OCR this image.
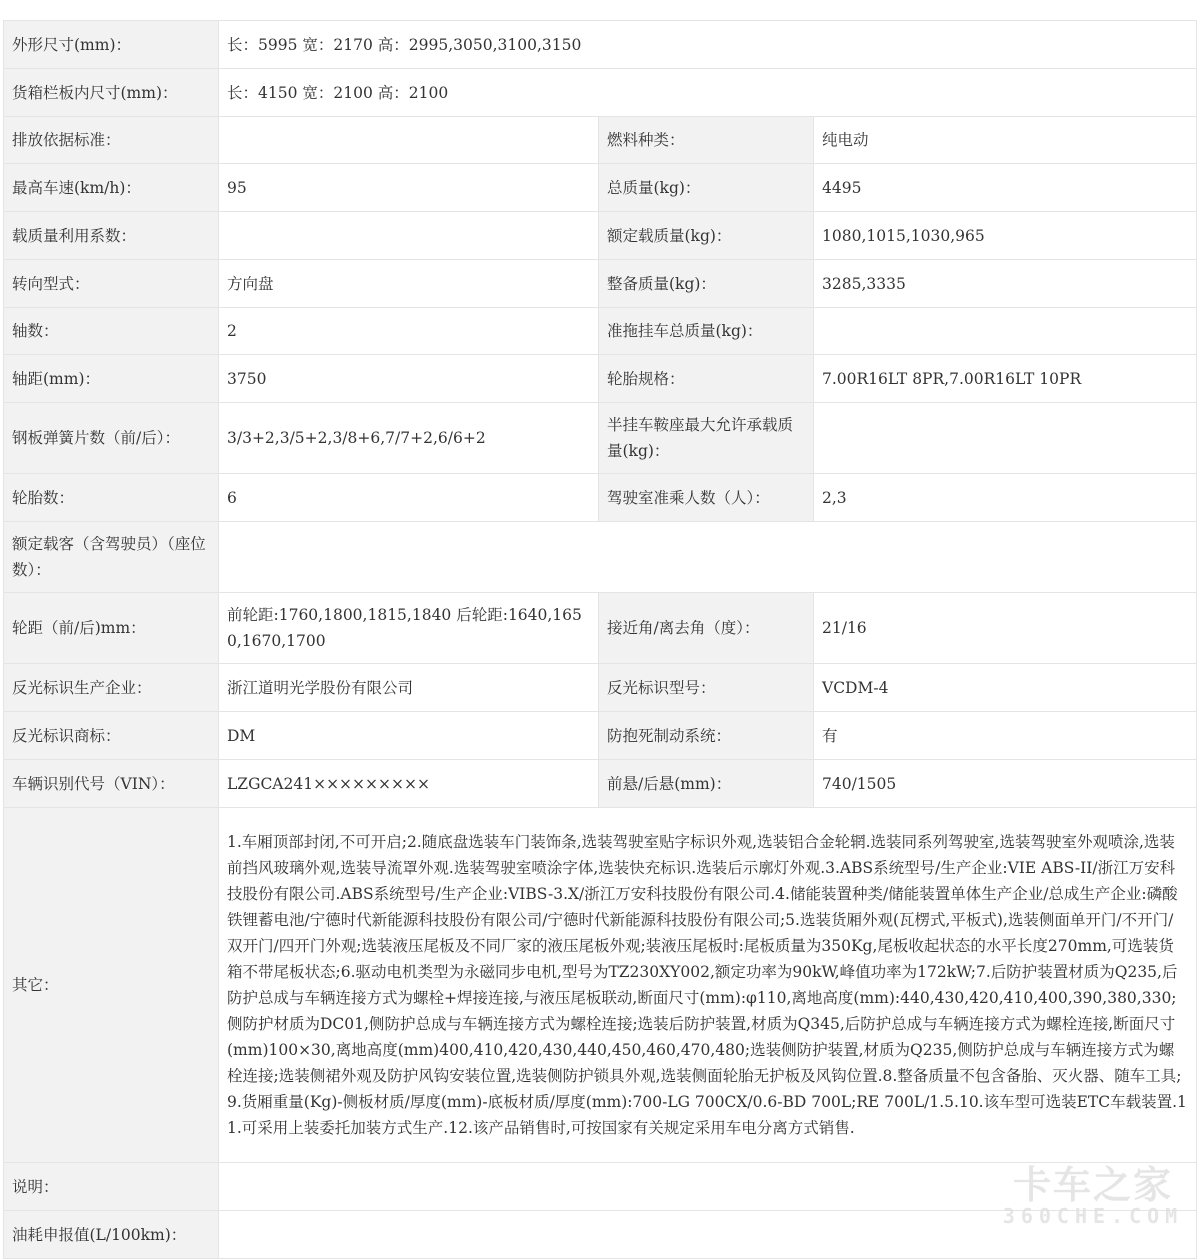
外形尺寸(mm)：	长：5995 宽：2170 高：2995,3050,3100,3150		
货箱栏板内尺寸(mm)：	长：4150 宽：2100 高：2100		
排放依据标准：		燃料种类：	纯电动
最高车速(km/h)：	95	总质量(kg)：	4495
载质量利用系数：		额定载质量(kg)：	1080,1015,1030,965
转向型式：	方向盘	整备质量(kg)：	3285,3335
轴数：	2	准拖挂车总质量(kg)：	
轴距(mm)：	3750	轮胎规格：	7.00R16LT 8PR,7.00R16LT 10PR
钢板弹簧片数（前/后）：	3/3+2,3/5+2,3/8+6,7/7+2,6/6+2	半挂车鞍座最大允许承载质量(kg)：	
轮胎数：	6	驾驶室准乘人数（人）：	2,3
额定载客（含驾驶员）（座位数）：			
轮距（前/后)mm：	前轮距:1760,1800,1815,1840 后轮距:1640,1650,1670,1700	接近角/离去角（度）：	21/16
反光标识生产企业：	浙江道明光学股份有限公司	反光标识型号：	VCDM-4
反光标识商标：	DM	防抱死制动系统：	有
车辆识别代号（VIN）：	LZGCA241×××××××××	前悬/后悬(mm)：	740/1505
其它：	1.车厢顶部封闭,不可开启;2.随底盘选装车门装饰条,选装驾驶室贴字标识外观,选装铝合金轮辋.选装同系列驾驶室,选装驾驶室外观喷涂,选装前挡风玻璃外观,选装导流罩外观.选装驾驶室喷涂字体,选装快充标识.选装后示廓灯外观.3.ABS系统型号/生产企业:VIE ABS-II/浙江万安科技股份有限公司.ABS系统型号/生产企业:VIBS-3.X/浙江万安科技股份有限公司.4.储能装置种类/储能装置单体生产企业/总成生产企业:磷酸铁锂蓄电池/宁德时代新能源科技股份有限公司/宁德时代新能源科技股份有限公司;5.选装货厢外观(瓦楞式,平板式),选装侧面单开门/不开门/双开门/四开门外观;选装液压尾板及不同厂家的液压尾板外观;装液压尾板时:尾板质量为350Kg,尾板收起状态的水平长度270mm,可选装货箱不带尾板状态;6.驱动电机类型为永磁同步电机,型号为TZ230XY002,额定功率为90kW,峰值功率为172kW;7.后防护装置材质为Q235,后防护总成与车辆连接方式为螺栓+焊接连接,与液压尾板联动,断面尺寸(mm):φ110,离地高度(mm):440,430,420,410,400,390,380,330;侧防护材质为DC01,侧防护总成与车辆连接方式为螺栓连接;选装后防护装置,材质为Q345,后防护总成与车辆连接方式为螺栓连接,断面尺寸(mm)100×30,离地高度(mm)400,410,420,430,440,450,460,470,480;选装侧防护装置,材质为Q235,侧防护总成与车辆连接方式为螺栓连接;选装侧裙外观及防护风钩安装位置,选装侧防护锁具外观,选装侧面轮胎无护板及风钩位置.8.整备质量不包含备胎、灭火器、随车工具;9.货厢重量(Kg)-侧板材质/厚度(mm)-底板材质/厚度(mm):700-LG 700CX/0.6-BD 700L;RE 700L/1.5.10.该车型可选装ETC车载装置.11.可采用上装委托加装方式生产.12.该产品销售时,可按国家有关规定采用车电分离方式销售.		
说明：			
油耗申报值(L/100km)：			
卡车之家
360CHE.COM
